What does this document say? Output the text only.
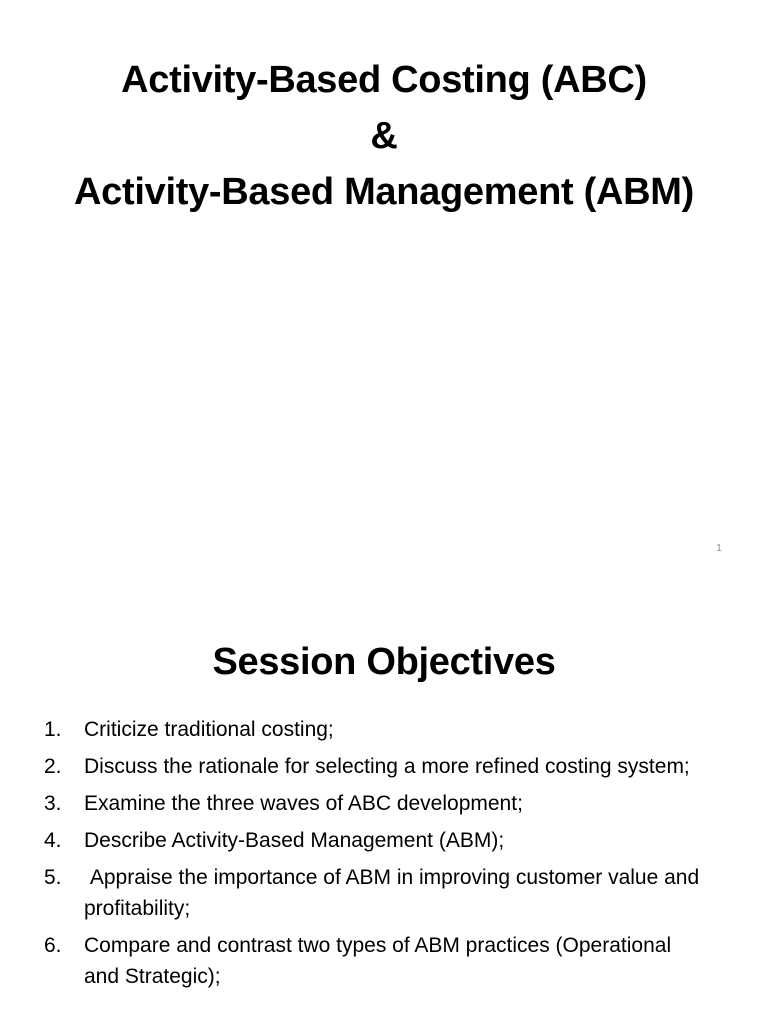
Activity-Based Costing (ABC)
&
Activity-Based Management (ABM)
1
Session Objectives
1.	Criticize traditional costing;
2.	Discuss the rationale for selecting a more refined costing system;
3.	Examine the three waves of ABC development;
4.	Describe Activity-Based Management (ABM);
5.	Appraise the importance of ABM in improving customer value and profitability;
6.	Compare and contrast two types of ABM practices (Operational and Strategic);
